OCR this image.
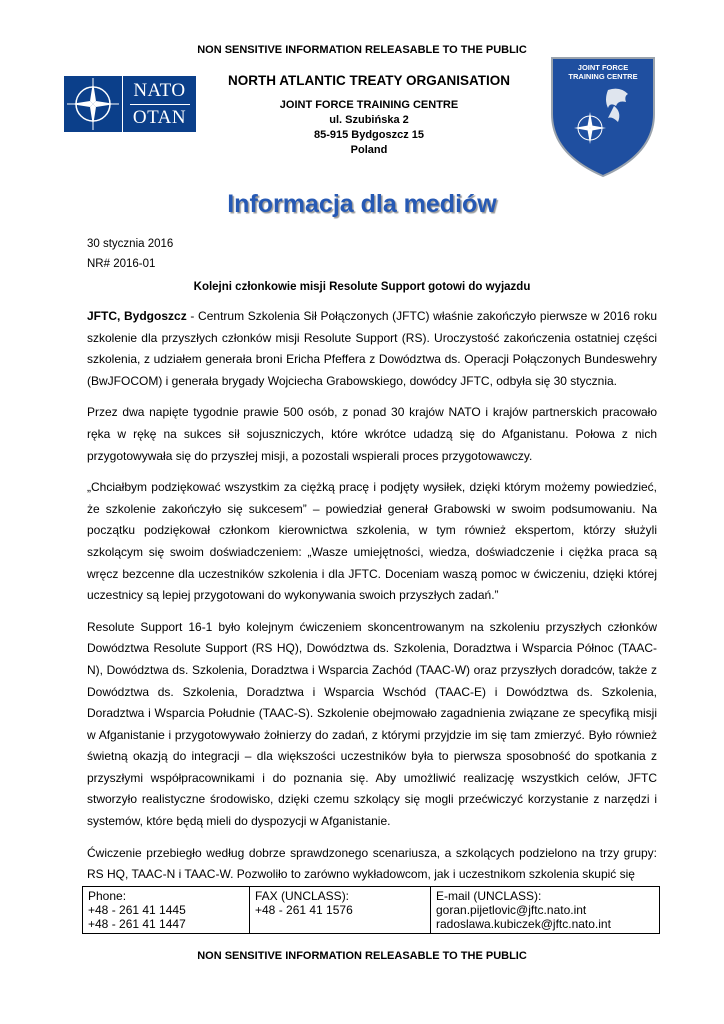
NON SENSITIVE INFORMATION RELEASABLE TO THE PUBLIC
NATO
OTAN
NORTH ATLANTIC TREATY ORGANISATION
JOINT FORCE TRAINING CENTRE
ul. Szubińska 2
85-915 Bydgoszcz 15
Poland
JOINT FORCE
TRAINING CENTRE
Informacja dla mediów
30 stycznia 2016
NR# 2016-01
Kolejni członkowie misji Resolute Support gotowi do wyjazdu

JFTC, Bydgoszcz - Centrum Szkolenia Sił Połączonych (JFTC) właśnie zakończyło pierwsze w 2016 roku szkolenie dla przyszłych członków misji Resolute Support (RS). Uroczystość zakończenia ostatniej części szkolenia, z udziałem generała broni Ericha Pfeffera z Dowództwa ds. Operacji Połączonych Bundeswehry (BwJFOCOM) i generała brygady Wojciecha Grabowskiego, dowódcy JFTC, odbyła się 30 stycznia.

Przez dwa napięte tygodnie prawie 500 osób, z ponad 30 krajów NATO i krajów partnerskich pracowało ręka w rękę na sukces sił sojuszniczych, które wkrótce udadzą się do Afganistanu. Połowa z nich przygotowywała się do przyszłej misji, a pozostali wspierali proces przygotowawczy.

„Chciałbym podziękować wszystkim za ciężką pracę i podjęty wysiłek, dzięki którym możemy powiedzieć, że szkolenie zakończyło się sukcesem” – powiedział generał Grabowski w swoim podsumowaniu. Na początku podziękował członkom kierownictwa szkolenia, w tym również ekspertom, którzy służyli szkolącym się swoim doświadczeniem: „Wasze umiejętności, wiedza, doświadczenie i ciężka praca są wręcz bezcenne dla uczestników szkolenia i dla JFTC. Doceniam waszą pomoc w ćwiczeniu, dzięki której uczestnicy są lepiej przygotowani do wykonywania swoich przyszłych zadań.”

Resolute Support 16-1 było kolejnym ćwiczeniem skoncentrowanym na szkoleniu przyszłych członków Dowództwa Resolute Support (RS HQ), Dowództwa ds. Szkolenia, Doradztwa i Wsparcia Północ (TAAC-N), Dowództwa ds. Szkolenia, Doradztwa i Wsparcia Zachód (TAAC-W) oraz przyszłych doradców, także z Dowództwa ds. Szkolenia, Doradztwa i Wsparcia Wschód (TAAC-E) i Dowództwa ds. Szkolenia, Doradztwa i Wsparcia Południe (TAAC-S). Szkolenie obejmowało zagadnienia związane ze specyfiką misji w Afganistanie i przygotowywało żołnierzy do zadań, z którymi przyjdzie im się tam zmierzyć. Było również świetną okazją do integracji – dla większości uczestników była to pierwsza sposobność do spotkania z przyszłymi współpracownikami i do poznania się. Aby umożliwić realizację wszystkich celów, JFTC stworzyło realistyczne środowisko, dzięki czemu szkolący się mogli przećwiczyć korzystanie z narzędzi i systemów, które będą mieli do dyspozycji w Afganistanie.

Ćwiczenie przebiegło według dobrze sprawdzonego scenariusza, a szkolących podzielono na trzy grupy: RS HQ, TAAC-N i TAAC-W. Pozwoliło to zarówno wykładowcom, jak i uczestnikom szkolenia skupić się

Phone:
+48 - 261 41 1445
+48 - 261 41 1447

FAX (UNCLASS):
+48 - 261 41 1576

E-mail (UNCLASS):
goran.pijetlovic@jftc.nato.int
radoslawa.kubiczek@jftc.nato.int
NON SENSITIVE INFORMATION RELEASABLE TO THE PUBLIC
